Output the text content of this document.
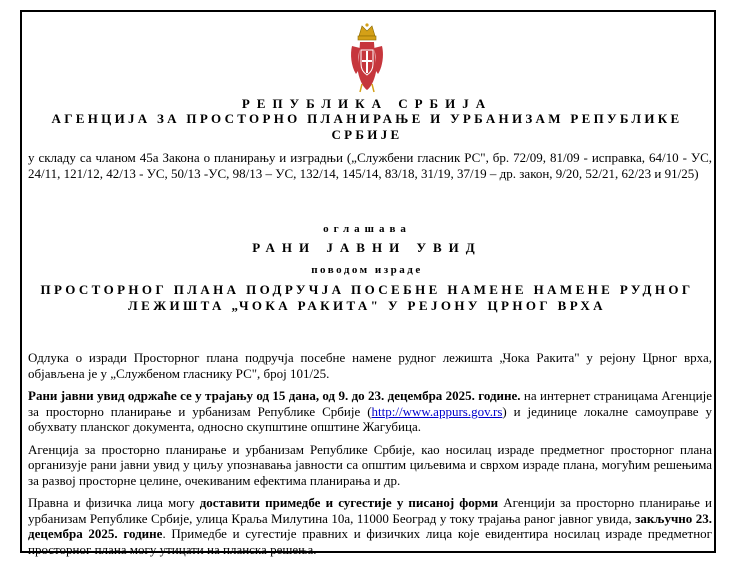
РЕПУБЛИКА СРБИЈА
АГЕНЦИЈА ЗА ПРОСТОРНО ПЛАНИРАЊЕ И УРБАНИЗАМ РЕПУБЛИКЕ СРБИЈЕ
у складу са чланом 45а Закона о планирању и изградњи („Службени гласник РС", бр. 72/09, 81/09 - исправка, 64/10 - УС, 24/11, 121/12, 42/13 - УС, 50/13 -УС, 98/13 – УС, 132/14, 145/14, 83/18, 31/19, 37/19 – др. закон, 9/20, 52/21, 62/23 и 91/25)
оглашава
РАНИ ЈАВНИ УВИД
поводом израде
ПРОСТОРНОГ ПЛАНА ПОДРУЧЈА ПОСЕБНЕ НАМЕНЕ НАМЕНЕ РУДНОГ ЛЕЖИШТА „ЧОКА РАКИТА" У РЕЈОНУ ЦРНОГ ВРХА

Одлука о изради Просторног плана подручја посебне намене рудног лежишта „Чока Ракита" у рејону Црног врха, објављена је у „Службеном гласнику РС", број 101/25.

Рани јавни увид одржаће се у трајању од 15 дана, од 9. до 23. децембра 2025. године. на интернет страницама Агенције за просторно планирање и урбанизам Републике Србије (http://www.appurs.gov.rs) и јединице локалне самоуправе у обухвату планског документа, односно скупштине општине Жагубица.

Агенција за просторно планирање и урбанизам Републике Србије, као носилац израде предметног просторног плана организује рани јавни увид у циљу упознавања јавности са општим циљевима и сврхом израде плана, могућим решењима за развој просторне целине, очекиваним ефектима планирања и др.

Правна и физичка лица могу доставити примедбе и сугестије у писаној форми Агенцији за просторно планирање и урбанизам Републике Србије, улица Краља Милутина 10а, 11000 Београд у току трајања раног јавног увида, закључно 23. децембра 2025. године. Примедбе и сугестије правних и физичких лица које евидентира носилац израде предметног просторног плана могу утицати на планска решења.
